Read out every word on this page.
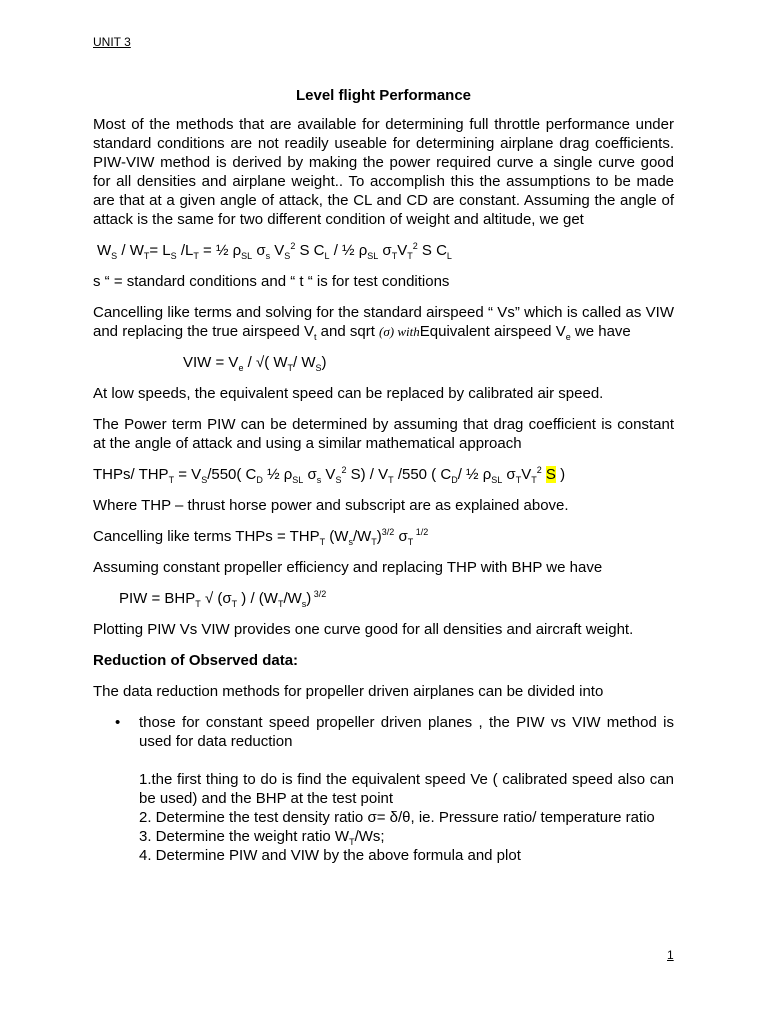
UNIT 3
Level flight Performance
Most of the methods that are available for determining full throttle performance under standard conditions are not readily useable for determining airplane drag coefficients. PIW-VIW method is derived by making the power required curve a single curve good for all densities and airplane weight.. To accomplish this the assumptions to be made are that at a given angle of attack, the CL and CD are constant. Assuming the angle of attack is the same for two different condition of weight and altitude, we get
$W_S / W_T= L_S$ $/L_T$ = ½ $\rho_{SL}$ $\sigma_s$ $V_S^2$ S $C_L$ / ½ $\rho_{SL}$ $\sigma_TV_T^2$ S $C_L$
s “ = standard conditions and “ t “ is for test conditions
Cancelling like terms and solving for the standard airspeed “ Vs” which is called as VIW and replacing the true airspeed $V_t$ and sqrt (σ) withEquivalent airspeed $V_e$ we have
VIW = $V_e$ / √( $W_T/$ $W_S$)
At low speeds, the equivalent speed can be replaced by calibrated air speed.
The Power term PIW can be determined by assuming that drag coefficient is constant at the angle of attack and using a similar mathematical approach
THPs/ $THP_T = V_S/550$( $C_D$ ½ $\rho_{SL}$ $\sigma_s$ $V_S^2$ $S) / V_T$ /550 ( $C_D/$ ½ $\rho_{SL}$ $\sigma_TV_T^2$ S )
Where THP – thrust horse power and subscript are as explained above.
Cancelling like terms THPs = $THP_T$ $(W_s/W_T)^{3/2}$ $\sigma_T$ $^{1/2}$
Assuming constant propeller efficiency and replacing THP with BHP we have
PIW = $BHP_T$ √ ($\sigma_T$ ) / $(W_T/W_s)$ $^{3/2}$
Plotting PIW Vs VIW provides one curve good for all densities and aircraft weight.
Reduction of Observed data:
The data reduction methods for propeller driven airplanes can be divided into
• those for constant speed propeller driven planes , the PIW vs VIW method is used for data reduction
1.the first thing to do is find the equivalent speed Ve ( calibrated speed also can be used) and the BHP at the test point
2. Determine the test density ratio σ= δ/θ, ie. Pressure ratio/ temperature ratio
3. Determine the weight ratio $W_T/Ws$;
4. Determine PIW and VIW by the above formula and plot
1
